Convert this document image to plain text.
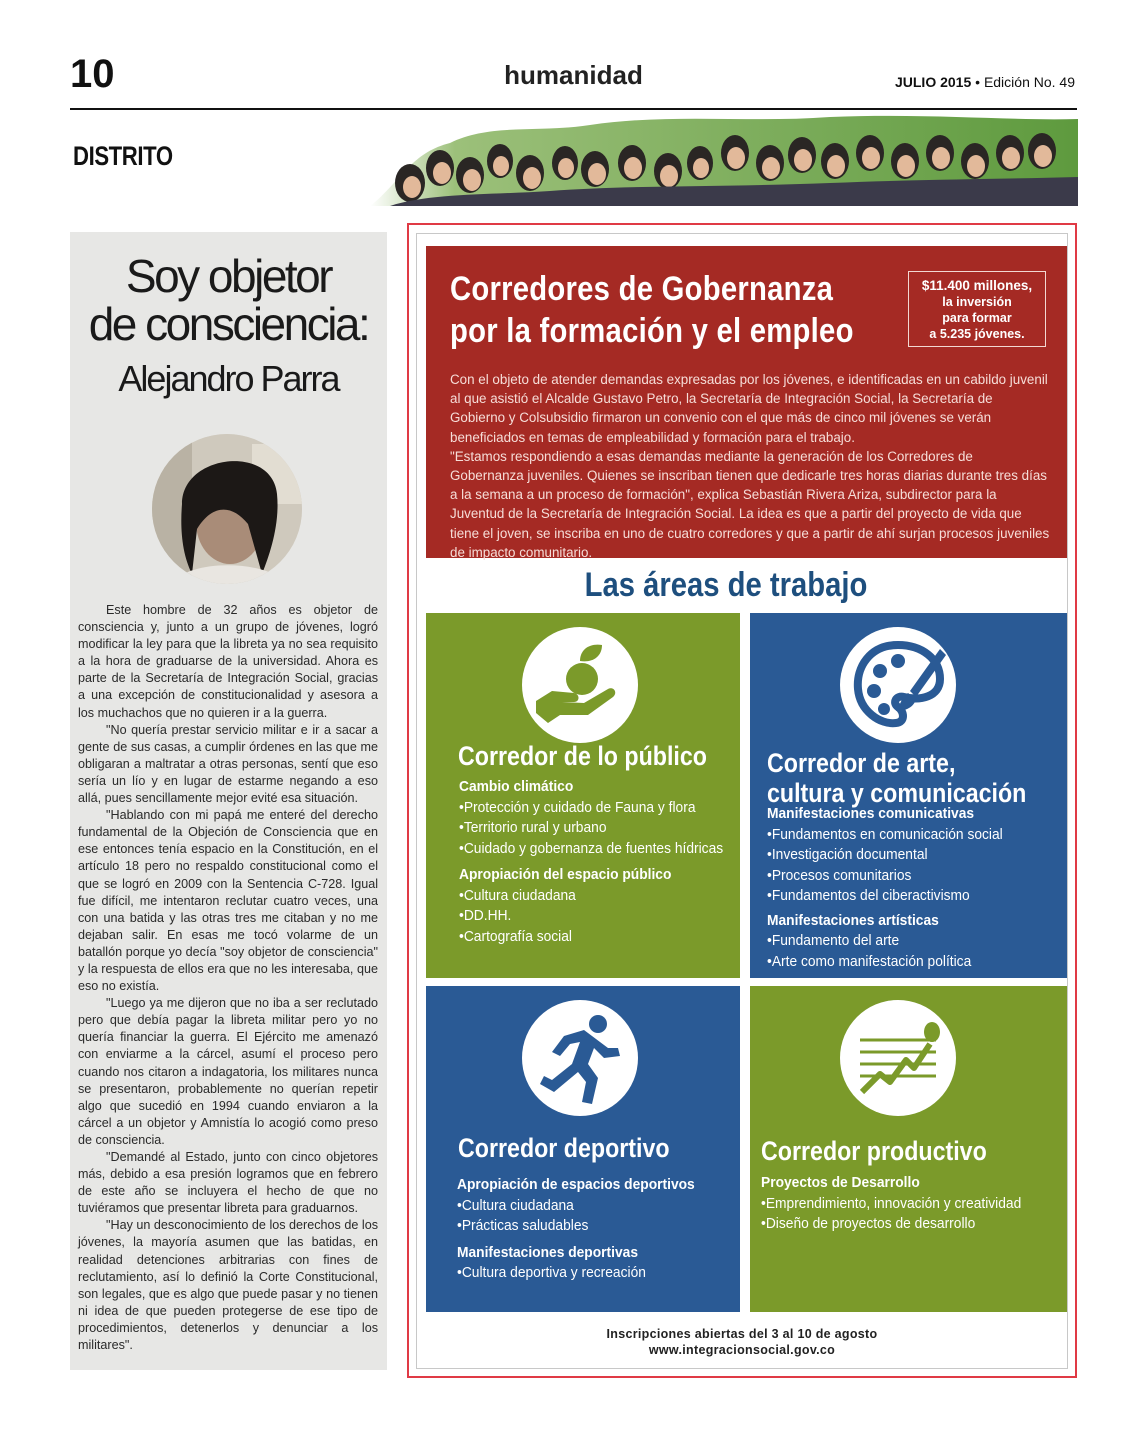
10	humanidad	JULIO 2015 • Edición No. 49
DISTRITO
Soy objetor
de consciencia:
Alejandro Parra

Este hombre de 32 años es objetor de consciencia y, junto a un grupo de jóvenes, logró modificar la ley para que la libreta ya no sea requisito a la hora de graduarse de la universidad. Ahora es parte de la Secretaría de Integración Social, gracias a una excepción de constitucionalidad y asesora a los muchachos que no quieren ir a la guerra.

"No quería prestar servicio militar e ir a sacar a gente de sus casas, a cumplir órdenes en las que me obligaran a maltratar a otras personas, sentí que eso sería un lío y en lugar de estarme negando a eso allá, pues sencillamente mejor evité esa situación.

"Hablando con mi papá me enteré del derecho fundamental de la Objeción de Consciencia que en ese entonces tenía espacio en la Constitución, en el artículo 18 pero no respaldo constitucional como el que se logró en 2009 con la Sentencia C-728. Igual fue difícil, me intentaron reclutar cuatro veces, una con una batida y las otras tres me citaban y no me dejaban salir. En esas me tocó volarme de un batallón porque yo decía "soy objetor de consciencia" y la respuesta de ellos era que no les interesaba, que eso no existía.

"Luego ya me dijeron que no iba a ser reclutado pero que debía pagar la libreta militar pero yo no quería financiar la guerra. El Ejército me amenazó con enviarme a la cárcel, asumí el proceso pero cuando nos citaron a indagatoria, los militares nunca se presentaron, probablemente no querían repetir algo que sucedió en 1994 cuando enviaron a la cárcel a un objetor y Amnistía lo acogió como preso de consciencia.

"Demandé al Estado, junto con cinco objetores más, debido a esa presión logramos que en febrero de este año se incluyera el hecho de que no tuviéramos que presentar libreta para graduarnos.

"Hay un desconocimiento de los derechos de los jóvenes, la mayoría asumen que las batidas, en realidad detenciones arbitrarias con fines de reclutamiento, así lo definió la Corte Constitucional, son legales, que es algo que puede pasar y no tienen ni idea de que pueden protegerse de ese tipo de procedimientos, detenerlos y denunciar a los militares".

Corredores de Gobernanza
por la formación y el empleo
$11.400 millones,
la inversión
para formar
a 5.235 jóvenes.

Con el objeto de atender demandas expresadas por los jóvenes, e identificadas en un cabildo juvenil al que asistió el Alcalde Gustavo Petro, la Secretaría de Integración Social, la Secretaría de Gobierno y Colsubsidio firmaron un convenio con el que más de cinco mil jóvenes se verán beneficiados en temas de empleabilidad y formación para el trabajo.

"Estamos respondiendo a esas demandas mediante la generación de los Corredores de Gobernanza juveniles. Quienes se inscriban tienen que dedicarle tres horas diarias durante tres días a la semana a un proceso de formación", explica Sebastián Rivera Ariza, subdirector para la Juventud de la Secretaría de Integración Social. La idea es que a partir del proyecto de vida que tiene el joven, se inscriba en uno de cuatro corredores y que a partir de ahí surjan procesos juveniles de impacto comunitario.

Las áreas de trabajo
Corredor de lo público
Cambio climático
•Protección y cuidado de Fauna y flora
•Territorio rural y urbano
•Cuidado y gobernanza de fuentes hídricas
Apropiación del espacio público
•Cultura ciudadana
•DD.HH.
•Cartografía social
Corredor de arte,
cultura y comunicación
Manifestaciones comunicativas
•Fundamentos en comunicación social
•Investigación documental
•Procesos comunitarios
•Fundamentos del ciberactivismo
Manifestaciones artísticas
•Fundamento del arte
•Arte como manifestación política
Corredor deportivo
Apropiación de espacios deportivos
•Cultura ciudadana
•Prácticas saludables
Manifestaciones deportivas
•Cultura deportiva y recreación
Corredor productivo
Proyectos de Desarrollo
•Emprendimiento, innovación y creatividad
•Diseño de proyectos de desarrollo
Inscripciones abiertas del 3 al 10 de agosto
www.integracionsocial.gov.co
